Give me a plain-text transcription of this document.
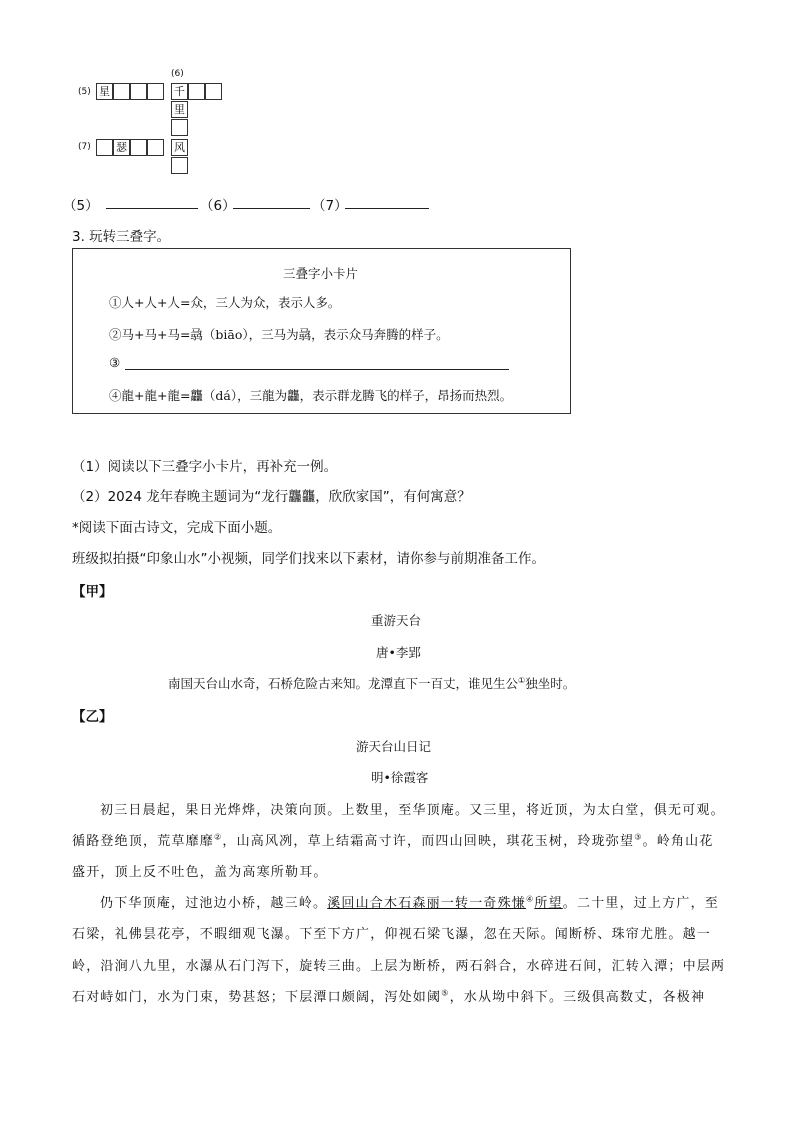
(6)
(5) 星	千
里
(7) 瑟	风
（5）	（6）	（7）
3. 玩转三叠字。
三叠字小卡片
①人+人+人=众，三人为众，表示人多。
②马+马+马=骉（biāo），三马为骉，表示众马奔腾的样子。
③
④龍+龍+龍=龘（dá），三龍为龘，表示群龙腾飞的样子，昂扬而热烈。
（1）阅读以下三叠字小卡片，再补充一例。
（2）2024 龙年春晚主题词为“龙行龘龘，欣欣家国”，有何寓意？
*阅读下面古诗文，完成下面小题。
班级拟拍摄“印象山水”小视频，同学们找来以下素材，请你参与前期准备工作。
【甲】
重游天台
唐•李郢
南国天台山水奇，石桥危险古来知。龙潭直下一百丈，谁见生公①独坐时。
【乙】
游天台山日记
明•徐霞客
初三日晨起，果日光烨烨，决策向顶。上数里，至华顶庵。又三里，将近顶，为太白堂，俱无可观。
循路登绝顶，荒草靡靡②，山高风冽，草上结霜高寸许，而四山回映，琪花玉树，玲珑弥望③。岭角山花
盛开，顶上反不吐色，盖为高寒所勒耳。
仍下华顶庵，过池边小桥，越三岭。溪回山合木石森丽一转一奇殊慊④所望。二十里，过上方广，至
石梁，礼佛昙花亭，不暇细观飞瀑。下至下方广，仰视石梁飞瀑，忽在天际。闻断桥、珠帘尤胜。越一
岭，沿涧八九里，水瀑从石门泻下，旋转三曲。上层为断桥，两石斜合，水碎进石间，汇转入潭；中层两
石对峙如门，水为门束，势甚怒；下层潭口颇阔，泻处如阈⑤，水从坳中斜下。三级俱高数丈，各极神
